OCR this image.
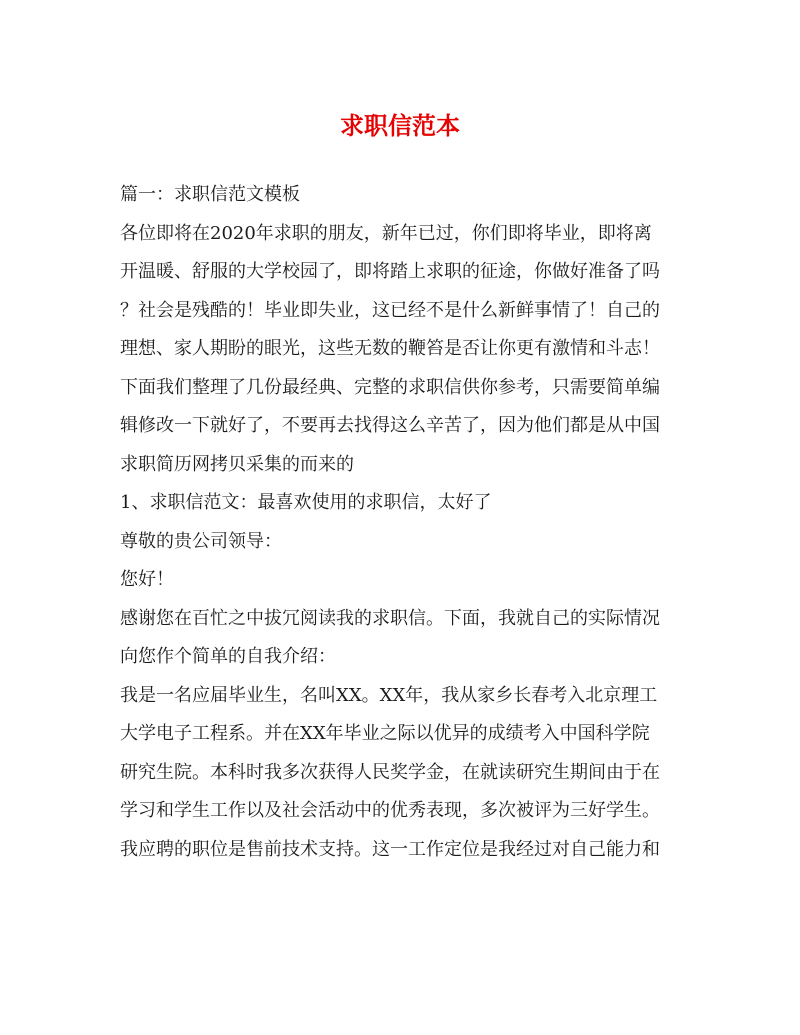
求职信范本
篇一：求职信范文模板
各位即将在2020年求职的朋友，新年已过，你们即将毕业，即将离
开温暖、舒服的大学校园了，即将踏上求职的征途，你做好准备了吗
？社会是残酷的！毕业即失业，这已经不是什么新鲜事情了！自己的
理想、家人期盼的眼光，这些无数的鞭笞是否让你更有激情和斗志！
下面我们整理了几份最经典、完整的求职信供你参考，只需要简单编
辑修改一下就好了，不要再去找得这么辛苦了，因为他们都是从中国
求职简历网拷贝采集的而来的
1、求职信范文：最喜欢使用的求职信，太好了
尊敬的贵公司领导：
您好！
感谢您在百忙之中拔冗阅读我的求职信。下面，我就自己的实际情况
向您作个简单的自我介绍：
我是一名应届毕业生，名叫XX。XX年，我从家乡长春考入北京理工
大学电子工程系。并在XX年毕业之际以优异的成绩考入中国科学院
研究生院。本科时我多次获得人民奖学金，在就读研究生期间由于在
学习和学生工作以及社会活动中的优秀表现，多次被评为三好学生。
我应聘的职位是售前技术支持。这一工作定位是我经过对自己能力和
